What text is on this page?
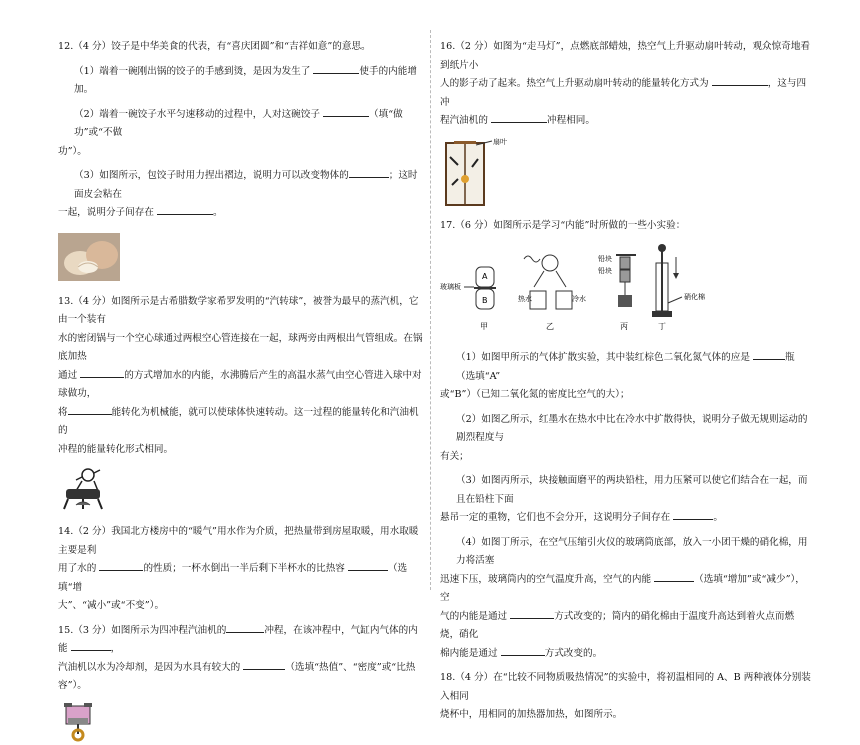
12.（4 分）饺子是中华美食的代表，有“喜庆团圆”和“吉祥如意”的意思。

（1）端着一碗刚出锅的饺子的手感到烫，是因为发生了	使手的内能增加。

（2）端着一碗饺子水平匀速移动的过程中，人对这碗饺子	（填“做功”或“不做

功”）。

（3）如图所示，包饺子时用力捏出褶边，说明力可以改变物体的	；这时面皮会粘在

一起，说明分子间存在	。

13.（4 分）如图所示是古希腊数学家希罗发明的“汽转球”，被誉为最早的蒸汽机，它由一个装有

水的密闭锅与一个空心球通过两根空心管连接在一起，球两旁由两根出气管组成。在锅底加热

通过	的方式增加水的内能，水沸腾后产生的高温水蒸气由空心管进入球中对球做功，

将	能转化为机械能，就可以使球体快速转动。这一过程的能量转化和汽油机的

冲程的能量转化形式相同。

14.（2 分）我国北方楼房中的“暖气”用水作为介质，把热量带到房屋取暖，用水取暖主要是利

用了水的	的性质；一杯水倒出一半后剩下半杯水的比热容	（选填“增

大”、“减小”或“不变”）。

15.（3 分）如图所示为四冲程汽油机的	冲程，在该冲程中，气缸内气体的内能	，

汽油机以水为冷却剂，是因为水具有较大的	（选填“热值”、“密度”或“比热容”）。

16.（2 分）如图为“走马灯”，点燃底部蜡烛，热空气上升驱动扇叶转动，观众惊奇地看到纸片小

人的影子动了起来。热空气上升驱动扇叶转动的能量转化方式为	，这与四冲

程汽油机的	冲程相同。

扇叶

17.（6 分）如图所示是学习“内能”时所做的一些小实验：

玻璃板
A
B
甲
热水	冷水
乙
铅块
铅块
丙
硝化棉
丁

（1）如图甲所示的气体扩散实验，其中装红棕色二氧化氮气体的应是	瓶（选填“A”

或“B”）（已知二氧化氮的密度比空气的大）；

（2）如图乙所示，红墨水在热水中比在冷水中扩散得快，说明分子做无规则运动的剧烈程度与

有关；

（3）如图丙所示，块接触面磨平的两块铅柱，用力压紧可以使它们结合在一起，而且在铅柱下面

悬吊一定的重物，它们也不会分开，这说明分子间存在	。

（4）如图丁所示，在空气压缩引火仪的玻璃筒底部，放入一小团干燥的硝化棉，用力将活塞

迅速下压，玻璃筒内的空气温度升高，空气的内能	（选填“增加”或“减少”），空

气的内能是通过	方式改变的；筒内的硝化棉由于温度升高达到着火点而燃烧，硝化

棉内能是通过	方式改变的。

18.（4 分）在“比较不同物质吸热情况”的实验中，将初温相同的 A、B 两种液体分别装入相同

烧杯中，用相同的加热器加热，如图所示。
